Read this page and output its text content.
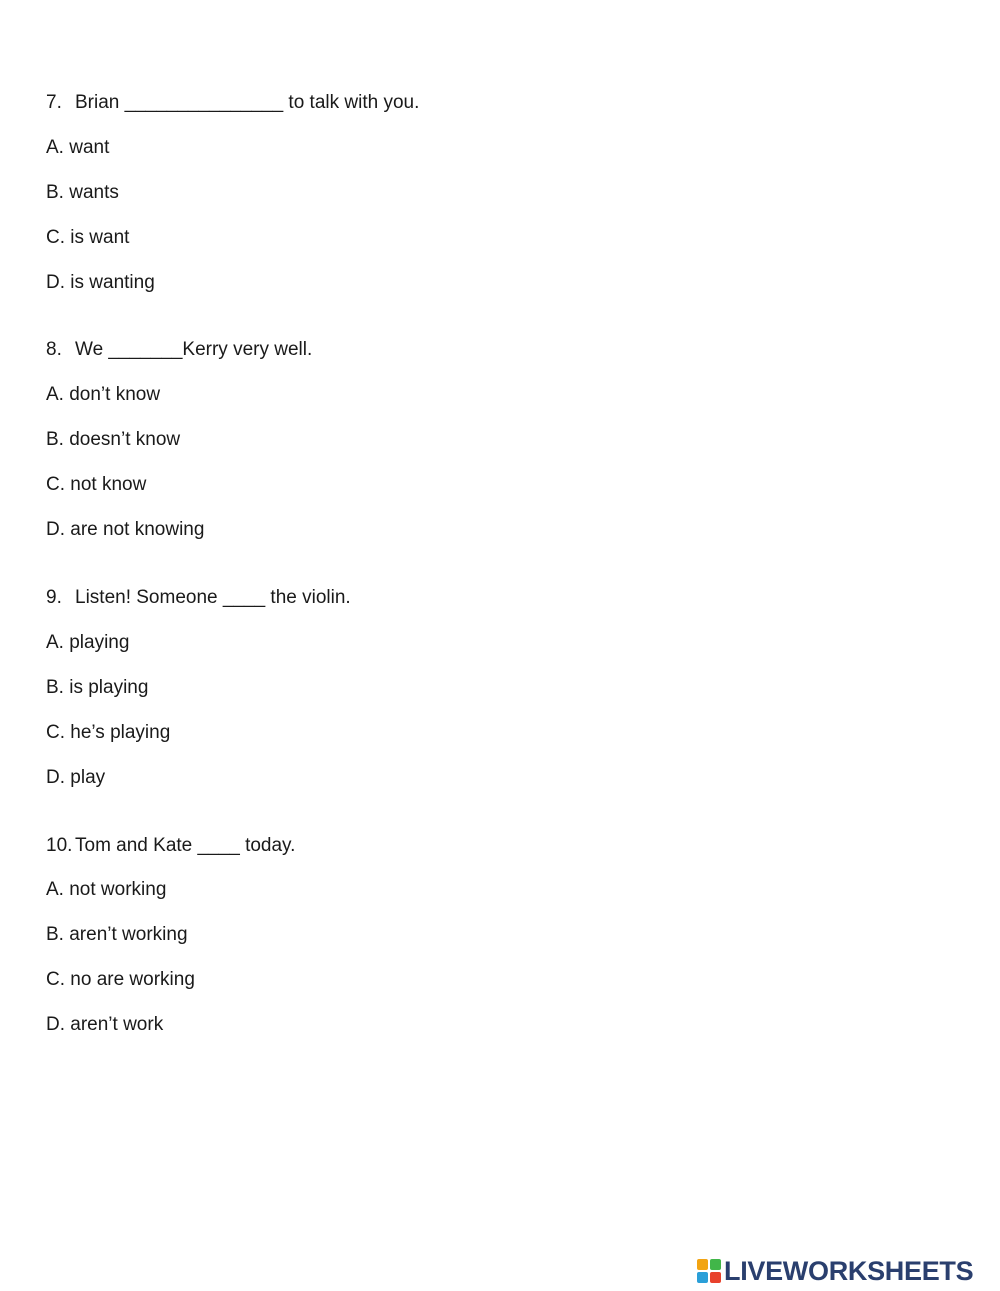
7. Brian _______________ to talk with you.
A. want
B. wants
C. is want
D. is wanting
8. We _______Kerry very well.
A. don’t know
B. doesn’t know
C. not know
D. are not knowing
9. Listen! Someone ____ the violin.
A. playing
B. is playing
C. he’s playing
D. play
10. Tom and Kate ____ today.
A. not working
B. aren’t working
C. no are working
D. aren’t work
LIVEWORKSHEETS
